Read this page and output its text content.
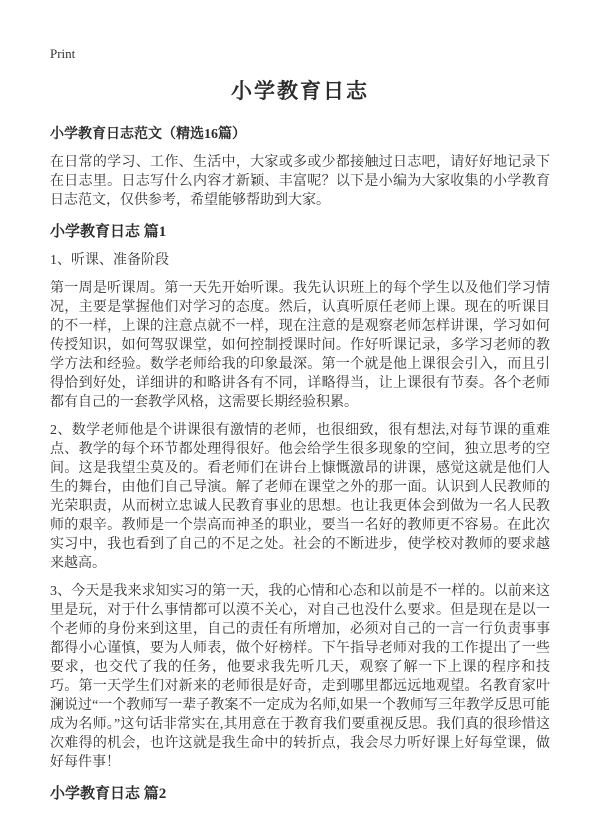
Print
小学教育日志
小学教育日志范文（精选16篇）

在日常的学习、工作、生活中，大家或多或少都接触过日志吧，请好好地记录下在日志里。日志写什么内容才新颖、丰富呢？以下是小编为大家收集的小学教育日志范文，仅供参考，希望能够帮助到大家。

小学教育日志 篇1

1、听课、准备阶段

第一周是听课周。第一天先开始听课。我先认识班上的每个学生以及他们学习情况，主要是掌握他们对学习的态度。然后，认真听原任老师上课。现在的听课目的不一样，上课的注意点就不一样，现在注意的是观察老师怎样讲课，学习如何传授知识，如何驾驭课堂，如何控制授课时间。作好听课记录，多学习老师的教学方法和经验。数学老师给我的印象最深。第一个就是他上课很会引入，而且引得恰到好处，详细讲的和略讲各有不同，详略得当，让上课很有节奏。各个老师都有自己的一套教学风格，这需要长期经验积累。

2、数学老师他是个讲课很有激情的老师，也很细致，很有想法,对每节课的重难点、教学的每个环节都处理得很好。他会给学生很多现象的空间，独立思考的空间。这是我望尘莫及的。看老师们在讲台上慷慨激昂的讲课，感觉这就是他们人生的舞台，由他们自己导演。解了老师在课堂之外的那一面。认识到人民教师的光荣职责，从而树立忠诚人民教育事业的思想。也让我更体会到做为一名人民教师的艰辛。教师是一个崇高而神圣的职业，要当一名好的教师更不容易。在此次实习中，我也看到了自己的不足之处。社会的不断进步，使学校对教师的要求越来越高。

3、今天是我来求知实习的第一天，我的心情和心态和以前是不一样的。以前来这里是玩，对于什么事情都可以漠不关心，对自己也没什么要求。但是现在是以一个老师的身份来到这里，自己的责任有所增加，必须对自己的一言一行负责事事都得小心谨慎，要为人师表，做个好榜样。下午指导老师对我的工作提出了一些要求，也交代了我的任务，他要求我先听几天，观察了解一下上课的程序和技巧。第一天学生们对新来的老师很是好奇，走到哪里都远远地观望。名教育家叶澜说过“一个教师写一辈子教案不一定成为名师,如果一个教师写三年教学反思可能成为名师。”这句话非常实在,其用意在于教育我们要重视反思。我们真的很珍惜这次难得的机会，也许这就是我生命中的转折点，我会尽力听好课上好每堂课，做好每件事！

小学教育日志 篇2
